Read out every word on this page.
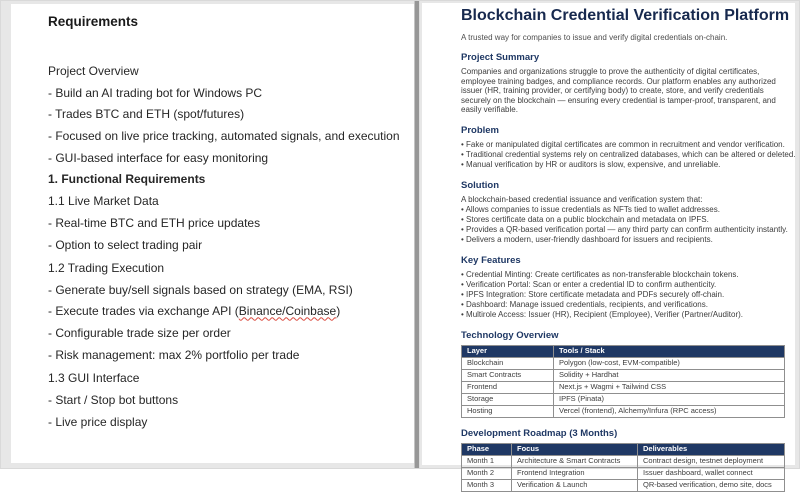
Requirements

Project Overview

- Build an AI trading bot for Windows PC

- Trades BTC and ETH (spot/futures)

- Focused on live price tracking, automated signals, and execution

- GUI-based interface for easy monitoring

1. Functional Requirements

1.1 Live Market Data

- Real-time BTC and ETH price updates

- Option to select trading pair

1.2 Trading Execution

- Generate buy/sell signals based on strategy (EMA, RSI)

- Execute trades via exchange API (Binance/Coinbase)

- Configurable trade size per order

- Risk management: max 2% portfolio per trade

1.3 GUI Interface

- Start / Stop bot buttons

- Live price display

Blockchain Credential Verification Platform

A trusted way for companies to issue and verify digital credentials on-chain.

Project Summary

Companies and organizations struggle to prove the authenticity of digital certificates, employee training badges, and compliance records. Our platform enables any authorized issuer (HR, training provider, or certifying body) to create, store, and verify credentials securely on the blockchain — ensuring every credential is tamper-proof, transparent, and easily verifiable.

Problem

• Fake or manipulated digital certificates are common in recruitment and vendor verification.

• Traditional credential systems rely on centralized databases, which can be altered or deleted.

• Manual verification by HR or auditors is slow, expensive, and unreliable.

Solution

A blockchain-based credential issuance and verification system that:

• Allows companies to issue credentials as NFTs tied to wallet addresses.

• Stores certificate data on a public blockchain and metadata on IPFS.

• Provides a QR-based verification portal — any third party can confirm authenticity instantly.

• Delivers a modern, user-friendly dashboard for issuers and recipients.

Key Features

• Credential Minting: Create certificates as non-transferable blockchain tokens.

• Verification Portal: Scan or enter a credential ID to confirm authenticity.

• IPFS Integration: Store certificate metadata and PDFs securely off-chain.

• Dashboard: Manage issued credentials, recipients, and verifications.

• Multirole Access: Issuer (HR), Recipient (Employee), Verifier (Partner/Auditor).

Technology Overview

Layer	Tools / Stack
Blockchain	Polygon (low-cost, EVM-compatible)
Smart Contracts	Solidity + Hardhat
Frontend	Next.js + Wagmi + Tailwind CSS
Storage	IPFS (Pinata)
Hosting	Vercel (frontend), Alchemy/Infura (RPC access)

Development Roadmap (3 Months)

Phase	Focus	Deliverables
Month 1	Architecture & Smart Contracts	Contract design, testnet deployment
Month 2	Frontend Integration	Issuer dashboard, wallet connect
Month 3	Verification & Launch	QR-based verification, demo site, docs
